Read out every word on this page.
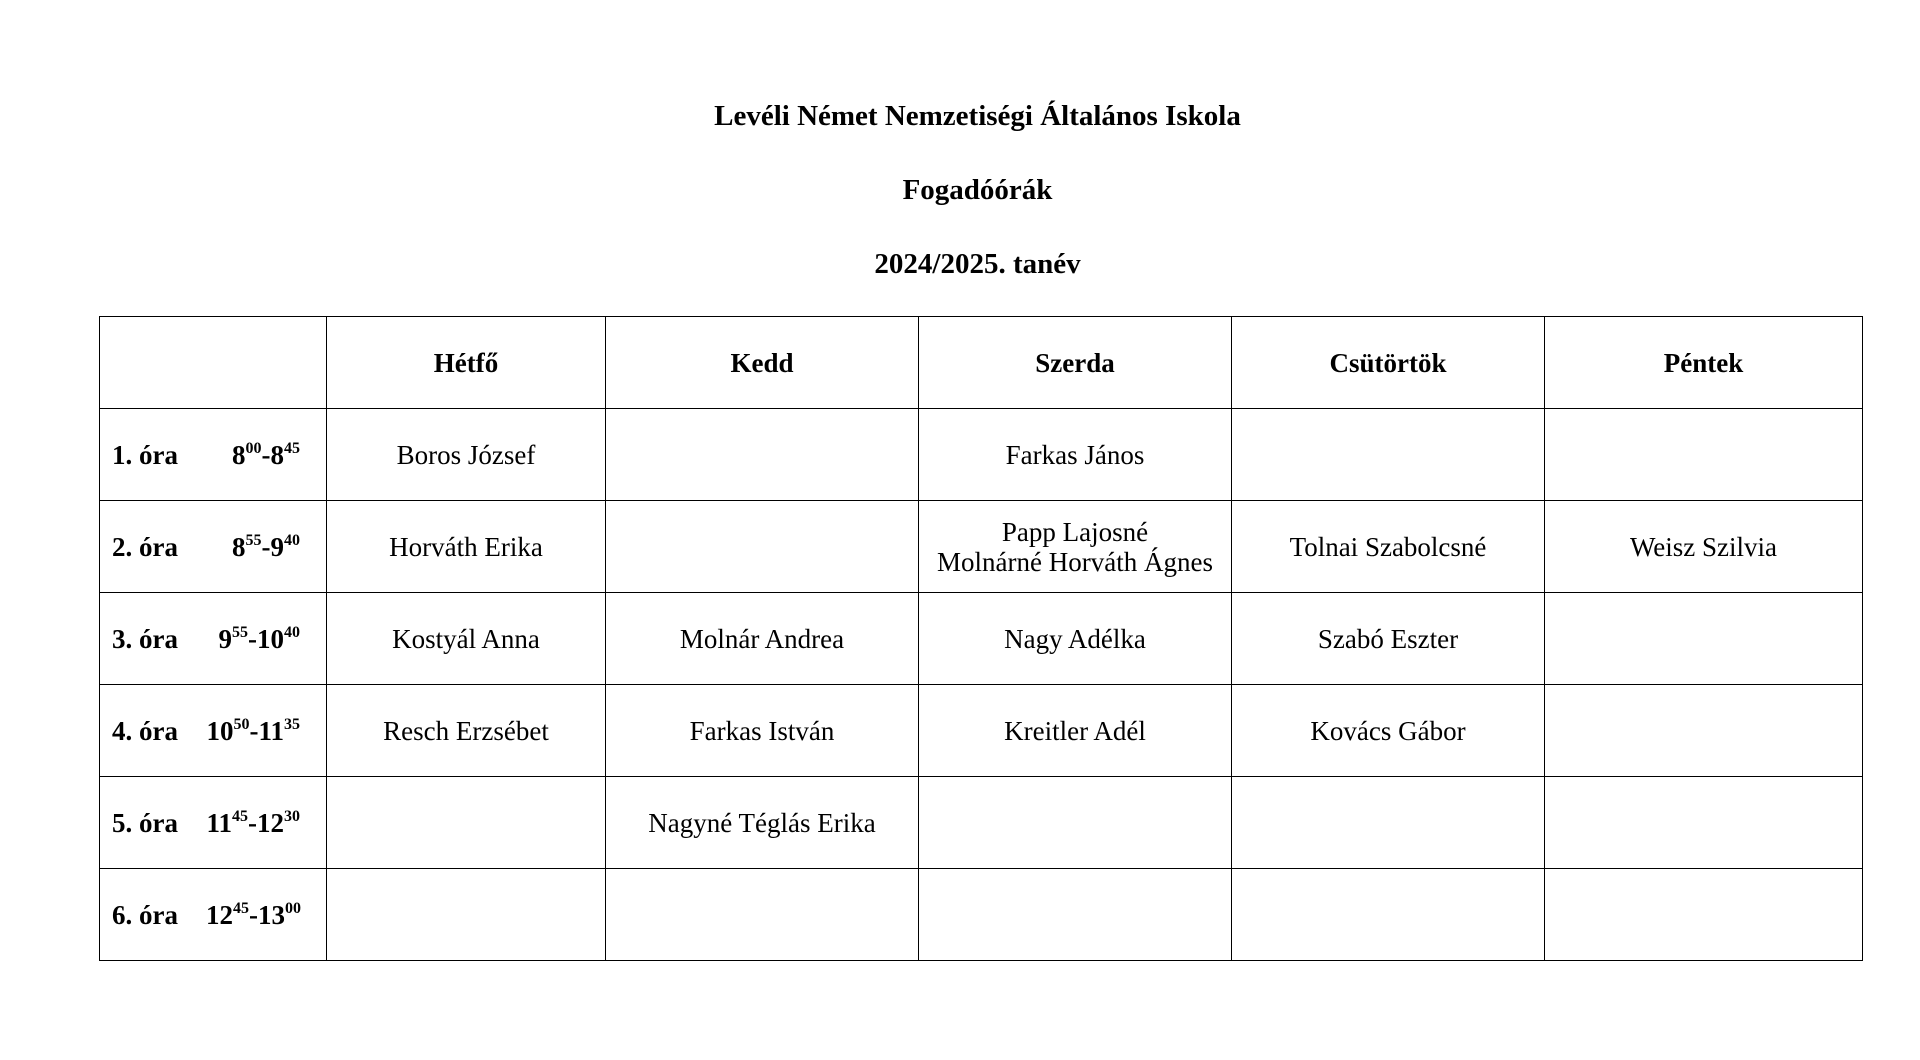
Levéli Német Nemzetiségi Általános Iskola
Fogadóórák
2024/2025. tanév
	Hétfő	Kedd	Szerda	Csütörtök	Péntek
1. óra $8^{00}-8^{45}$	Boros József		Farkas János		

2. óra $8^{55}-9^{40}$	Horváth Erika		Papp Lajosné
Molnárné Horváth Ágnes	Tolnai Szabolcsné	Weisz Szilvia

3. óra $9^{55}-10^{40}$	Kostyál Anna	Molnár Andrea	Nagy Adélka	Szabó Eszter	

4. óra $10^{50}-11^{35}$	Resch Erzsébet	Farkas István	Kreitler Adél	Kovács Gábor	

5. óra $11^{45}-12^{30}$		Nagyné Téglás Erika			

6. óra $12^{45}-13^{00}$					
